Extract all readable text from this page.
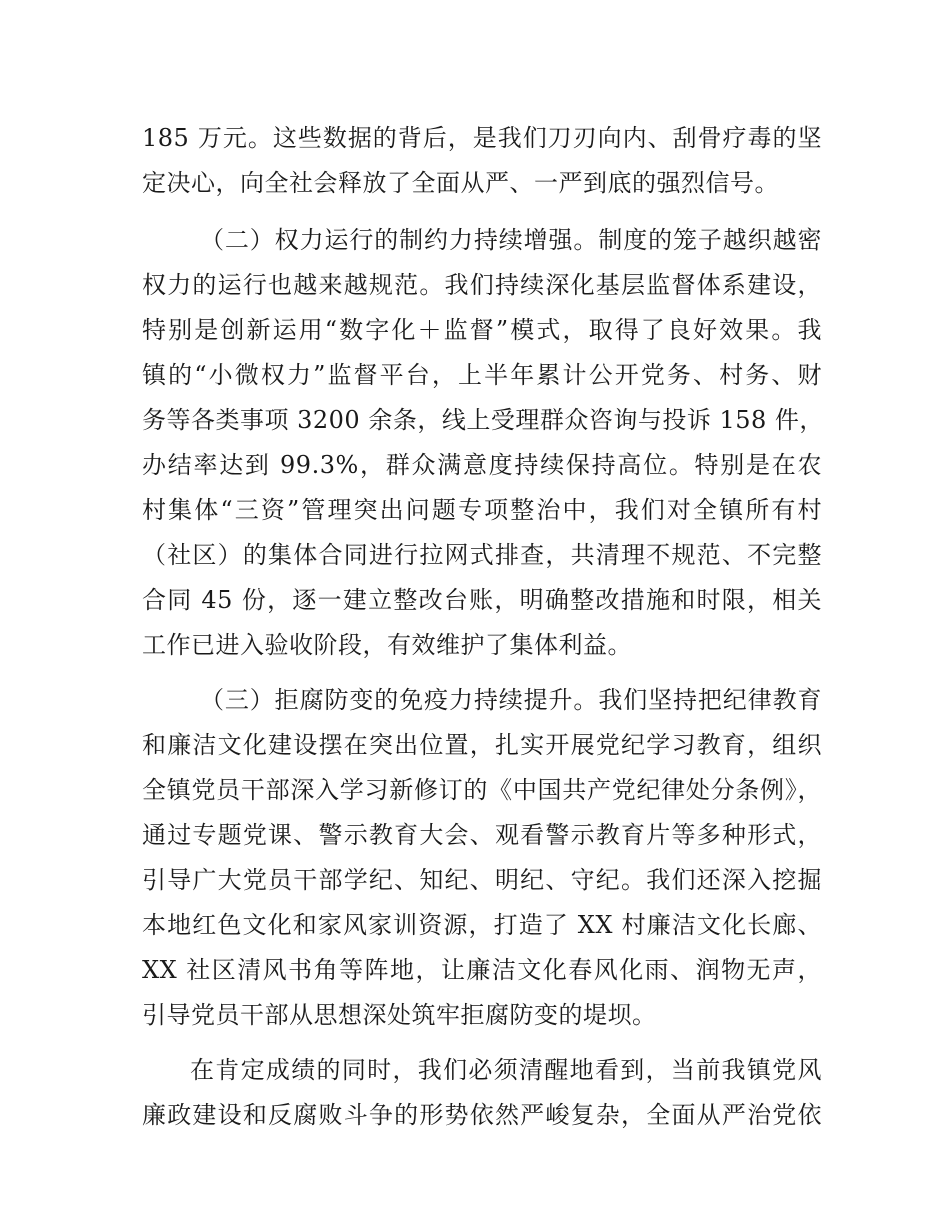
185 万元。这些数据的背后，是我们刀刃向内、刮骨疗毒的坚
定决心，向全社会释放了全面从严、一严到底的强烈信号。
（二）权力运行的制约力持续增强。制度的笼子越织越密
权力的运行也越来越规范。我们持续深化基层监督体系建设，
特别是创新运用“数字化＋监督”模式，取得了良好效果。我
镇的“小微权力”监督平台，上半年累计公开党务、村务、财
务等各类事项 3200 余条，线上受理群众咨询与投诉 158 件，
办结率达到 99.3%，群众满意度持续保持高位。特别是在农
村集体“三资”管理突出问题专项整治中，我们对全镇所有村
（社区）的集体合同进行拉网式排查，共清理不规范、不完整
合同 45 份，逐一建立整改台账，明确整改措施和时限，相关
工作已进入验收阶段，有效维护了集体利益。
（三）拒腐防变的免疫力持续提升。我们坚持把纪律教育
和廉洁文化建设摆在突出位置，扎实开展党纪学习教育，组织
全镇党员干部深入学习新修订的《中国共产党纪律处分条例》，
通过专题党课、警示教育大会、观看警示教育片等多种形式，
引导广大党员干部学纪、知纪、明纪、守纪。我们还深入挖掘
本地红色文化和家风家训资源，打造了 XX 村廉洁文化长廊、
XX 社区清风书角等阵地，让廉洁文化春风化雨、润物无声，
引导党员干部从思想深处筑牢拒腐防变的堤坝。
在肯定成绩的同时，我们必须清醒地看到，当前我镇党风
廉政建设和反腐败斗争的形势依然严峻复杂，全面从严治党依
